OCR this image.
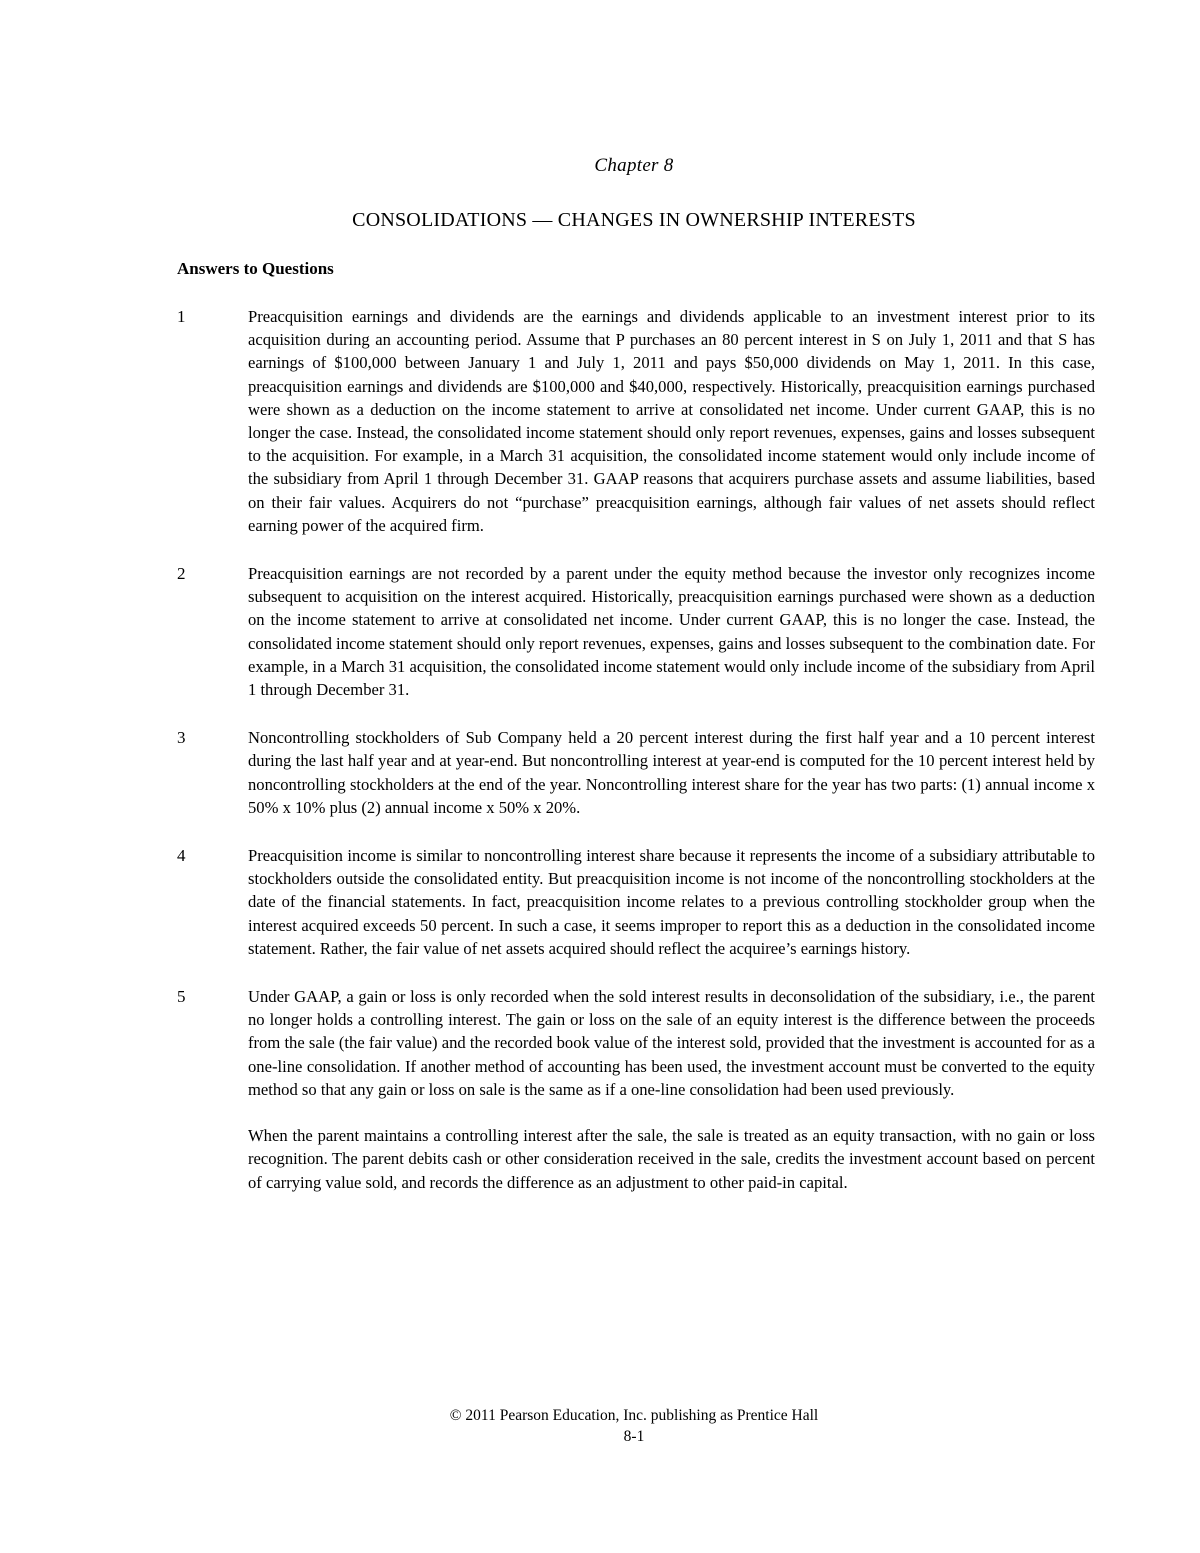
Chapter 8
CONSOLIDATIONS — CHANGES IN OWNERSHIP INTERESTS
Answers to Questions
1	Preacquisition earnings and dividends are the earnings and dividends applicable to an investment interest prior to its acquisition during an accounting period. Assume that P purchases an 80 percent interest in S on July 1, 2011 and that S has earnings of $100,000 between January 1 and July 1, 2011 and pays $50,000 dividends on May 1, 2011. In this case, preacquisition earnings and dividends are $100,000 and $40,000, respectively. Historically, preacquisition earnings purchased were shown as a deduction on the income statement to arrive at consolidated net income. Under current GAAP, this is no longer the case. Instead, the consolidated income statement should only report revenues, expenses, gains and losses subsequent to the acquisition. For example, in a March 31 acquisition, the consolidated income statement would only include income of the subsidiary from April 1 through December 31. GAAP reasons that acquirers purchase assets and assume liabilities, based on their fair values. Acquirers do not “purchase” preacquisition earnings, although fair values of net assets should reflect earning power of the acquired firm.

2	Preacquisition earnings are not recorded by a parent under the equity method because the investor only recognizes income subsequent to acquisition on the interest acquired. Historically, preacquisition earnings purchased were shown as a deduction on the income statement to arrive at consolidated net income. Under current GAAP, this is no longer the case. Instead, the consolidated income statement should only report revenues, expenses, gains and losses subsequent to the combination date. For example, in a March 31 acquisition, the consolidated income statement would only include income of the subsidiary from April 1 through December 31.

3	Noncontrolling stockholders of Sub Company held a 20 percent interest during the first half year and a 10 percent interest during the last half year and at year-end. But noncontrolling interest at year-end is computed for the 10 percent interest held by noncontrolling stockholders at the end of the year. Noncontrolling interest share for the year has two parts: (1) annual income x 50% x 10% plus (2) annual income x 50% x 20%.

4	Preacquisition income is similar to noncontrolling interest share because it represents the income of a subsidiary attributable to stockholders outside the consolidated entity. But preacquisition income is not income of the noncontrolling stockholders at the date of the financial statements. In fact, preacquisition income relates to a previous controlling stockholder group when the interest acquired exceeds 50 percent. In such a case, it seems improper to report this as a deduction in the consolidated income statement. Rather, the fair value of net assets acquired should reflect the acquiree’s earnings history.

5	Under GAAP, a gain or loss is only recorded when the sold interest results in deconsolidation of the subsidiary, i.e., the parent no longer holds a controlling interest. The gain or loss on the sale of an equity interest is the difference between the proceeds from the sale (the fair value) and the recorded book value of the interest sold, provided that the investment is accounted for as a one-line consolidation. If another method of accounting has been used, the investment account must be converted to the equity method so that any gain or loss on sale is the same as if a one-line consolidation had been used previously.

When the parent maintains a controlling interest after the sale, the sale is treated as an equity transaction, with no gain or loss recognition. The parent debits cash or other consideration received in the sale, credits the investment account based on percent of carrying value sold, and records the difference as an adjustment to other paid-in capital.

© 2011 Pearson Education, Inc. publishing as Prentice Hall
8-1
